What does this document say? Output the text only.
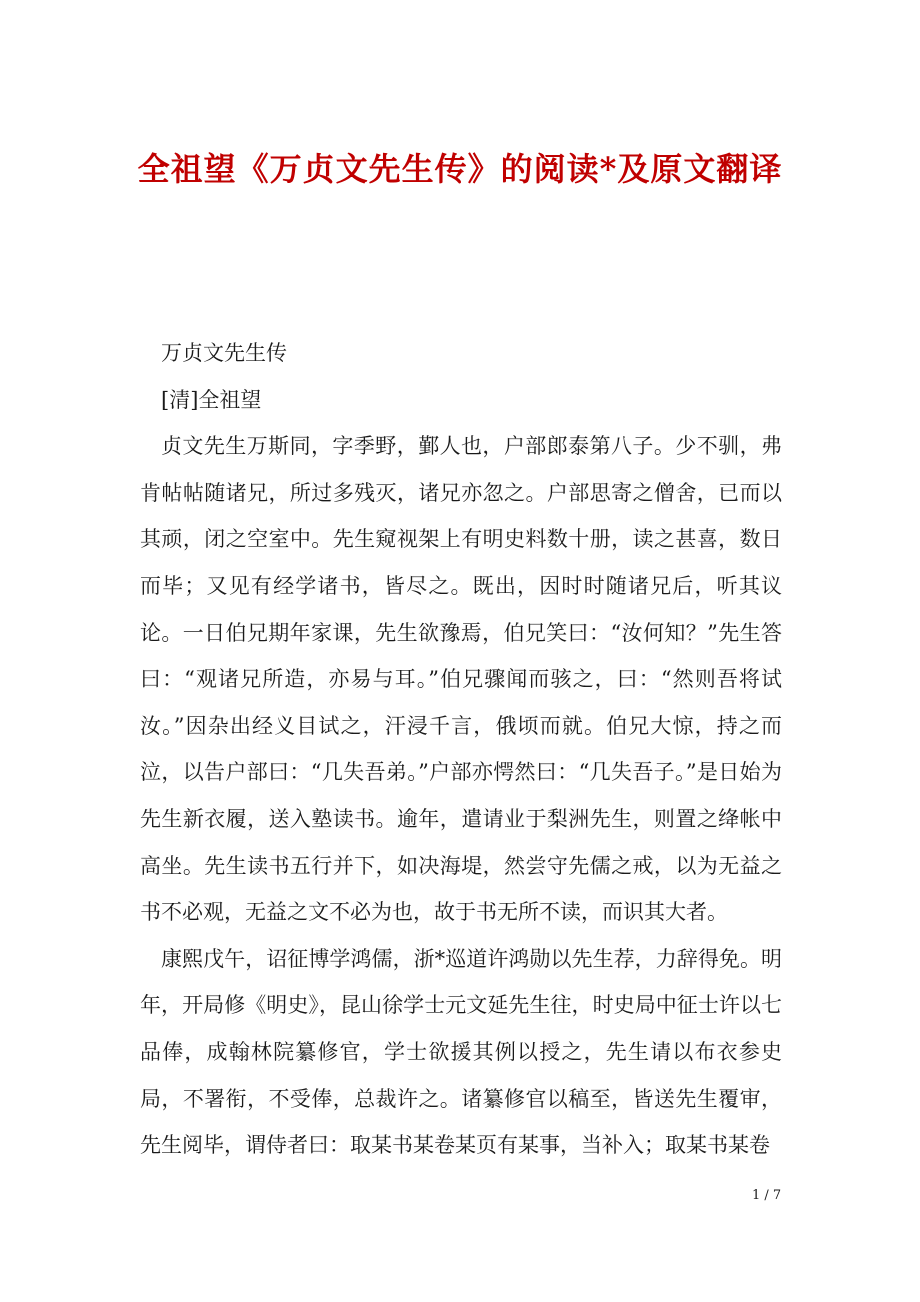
全祖望《万贞文先生传》的阅读*及原文翻译

万贞文先生传

[清]全祖望

贞文先生万斯同，字季野，鄞人也，户部郎泰第八子。少不驯，弗肯帖帖随诸兄，所过多残灭，诸兄亦忽之。户部思寄之僧舍，已而以其顽，闭之空室中。先生窥视架上有明史料数十册，读之甚喜，数日而毕；又见有经学诸书，皆尽之。既出，因时时随诸兄后，听其议论。一日伯兄期年家课，先生欲豫焉，伯兄笑曰：“汝何知？”先生答曰：“观诸兄所造，亦易与耳。”伯兄骤闻而骇之，曰：“然则吾将试汝。”因杂出经义目试之，汗浸千言，俄顷而就。伯兄大惊，持之而泣，以告户部曰：“几失吾弟。”户部亦愕然曰：“几失吾子。”是日始为先生新衣履，送入塾读书。逾年，遣请业于梨洲先生，则置之绛帐中高坐。先生读书五行并下，如决海堤，然尝守先儒之戒，以为无益之书不必观，无益之文不必为也，故于书无所不读，而识其大者。

康熙戊午，诏征博学鸿儒，浙*巡道许鸿勋以先生荐，力辞得免。明年，开局修《明史》，昆山徐学士元文延先生往，时史局中征士许以七品俸，成翰林院纂修官，学士欲援其例以授之，先生请以布衣参史局，不署衔，不受俸，总裁许之。诸纂修官以稿至，皆送先生覆审，先生阅毕，谓侍者曰：取某书某卷某页有某事，当补入；取某书某卷

1 / 7
